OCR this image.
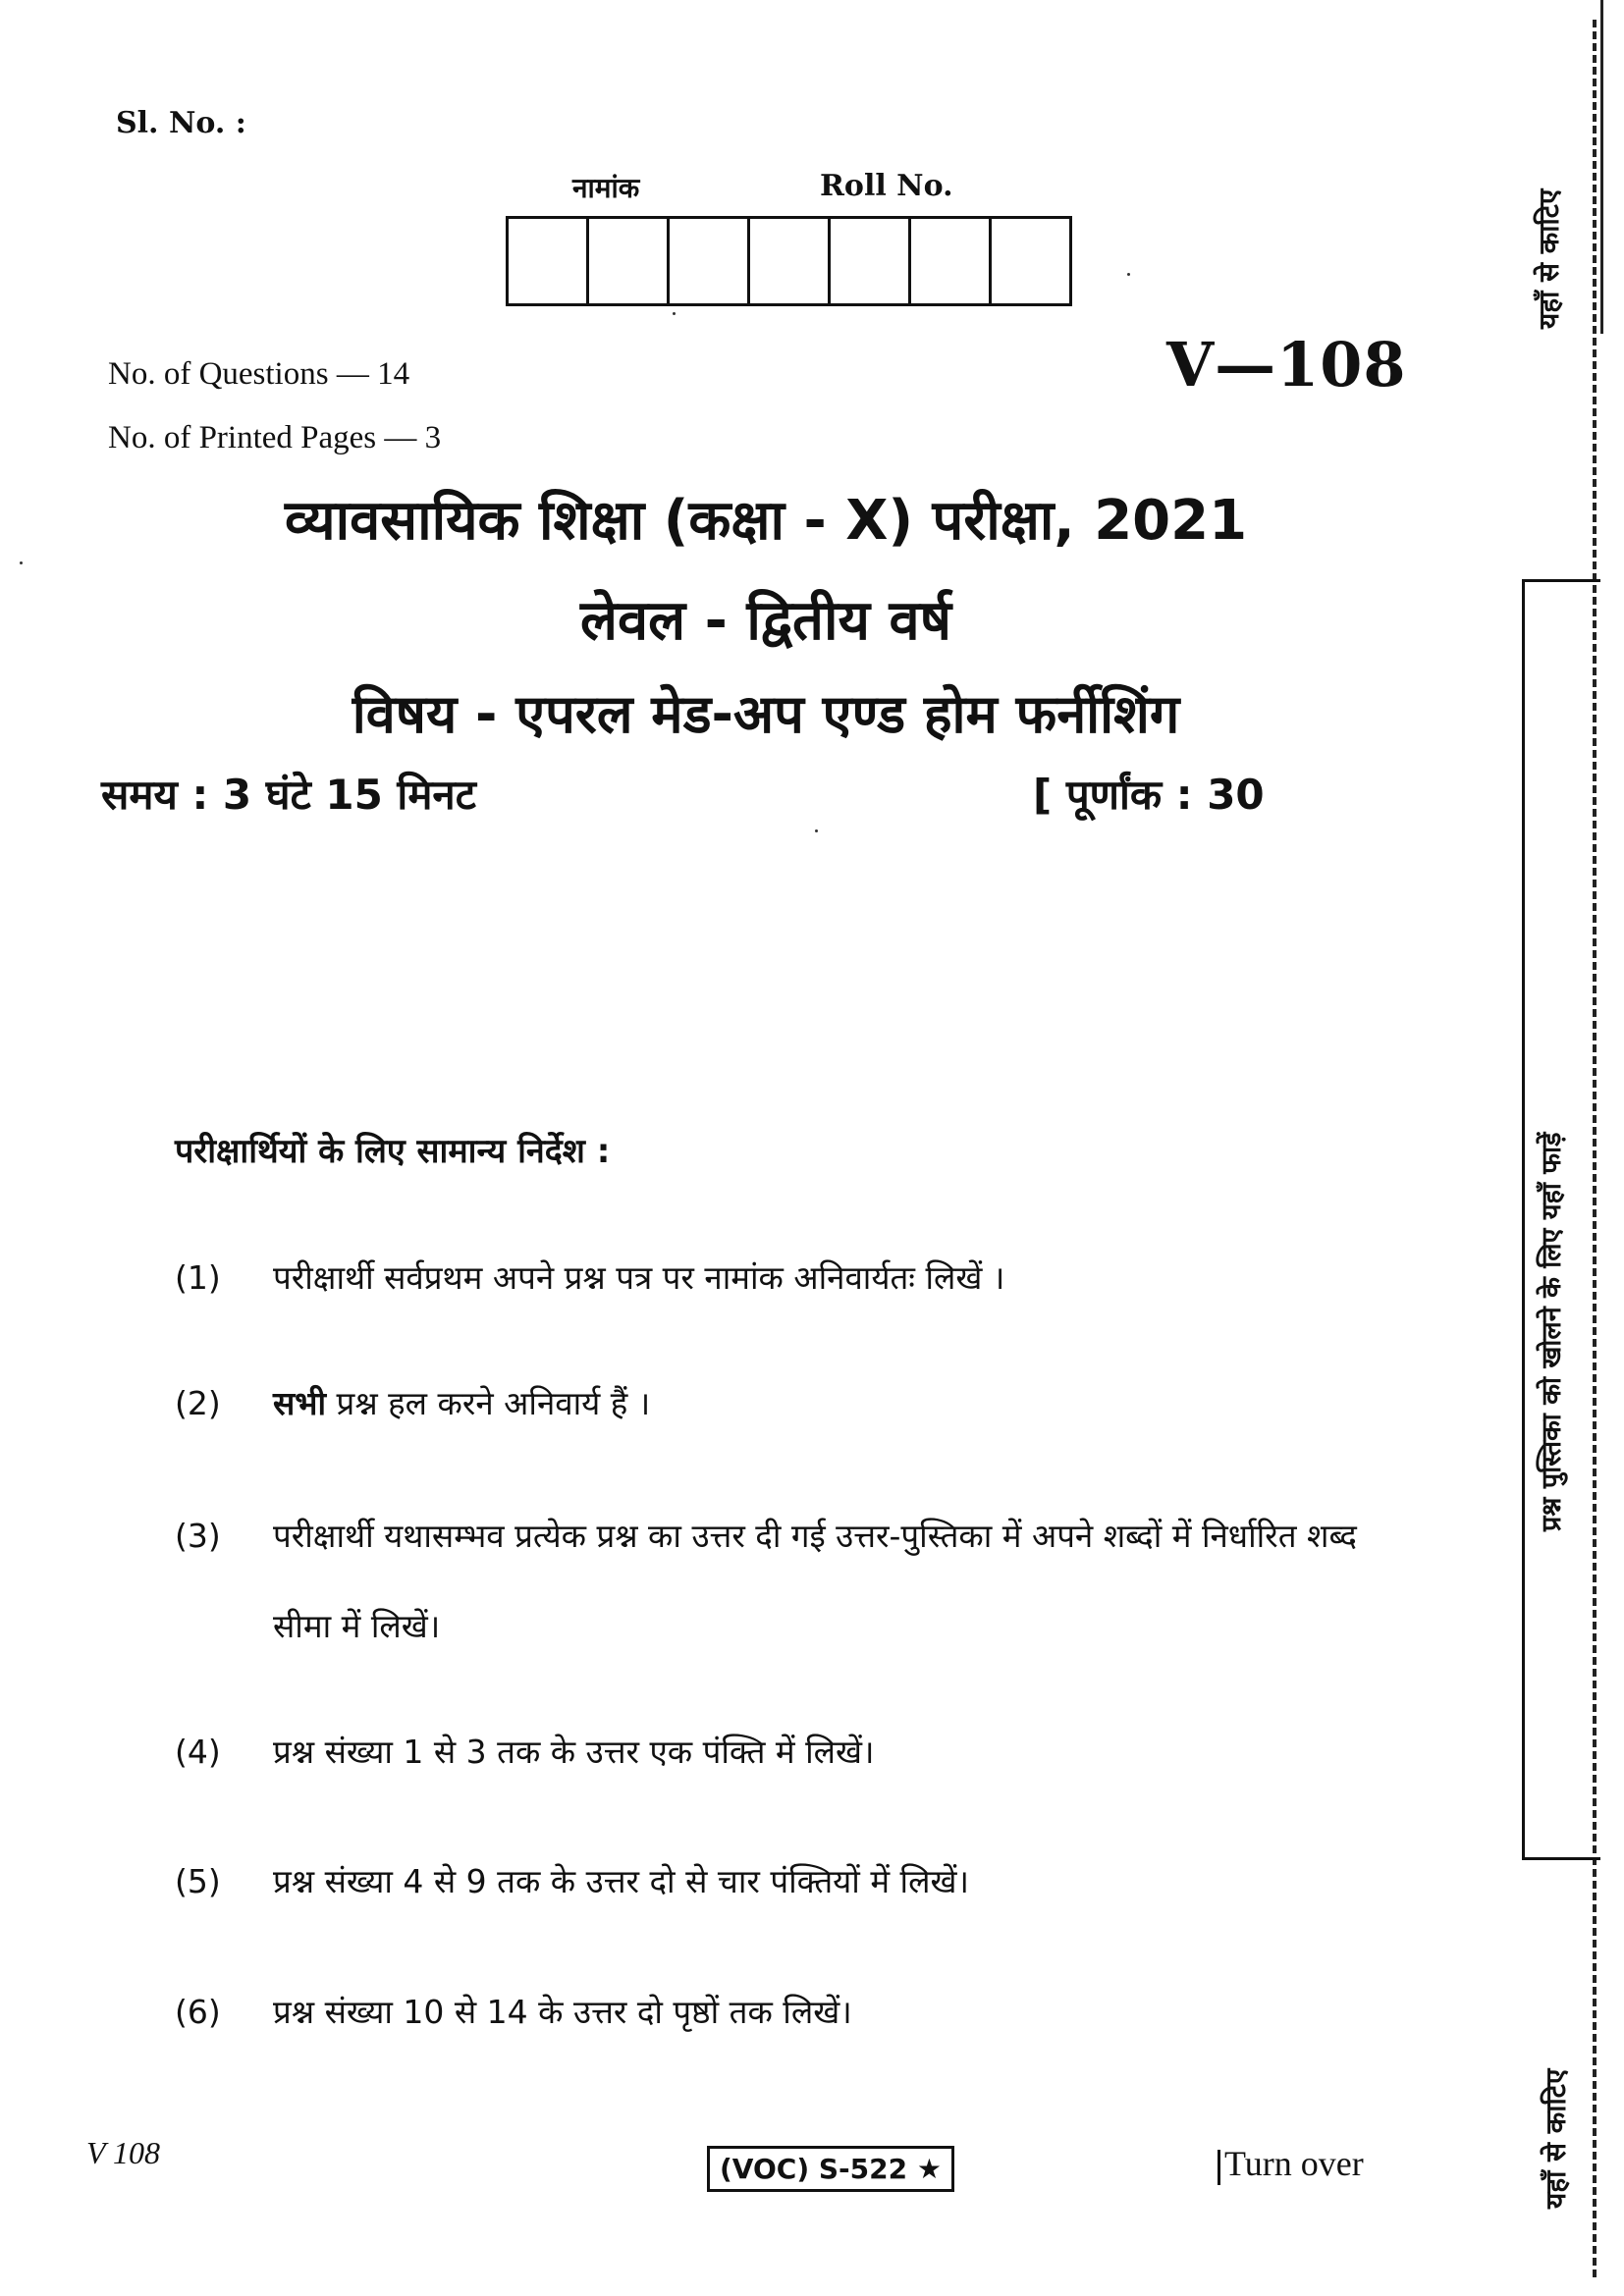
Sl. No. :
नामांक	Roll No.
V—108
No. of Questions — 14
No. of Printed Pages — 3
व्यावसायिक शिक्षा (कक्षा - X) परीक्षा, 2021
लेवल - द्वितीय वर्ष
विषय - एपरल मेड-अप एण्ड होम फर्नीशिंग
समय : 3 घंटे 15 मिनट	[ पूर्णांक : 30
परीक्षार्थियों के लिए सामान्य निर्देश :
(1)	परीक्षार्थी सर्वप्रथम अपने प्रश्न पत्र पर नामांक अनिवार्यतः लिखें ।
(2)	सभी प्रश्न हल करने अनिवार्य हैं ।
(3)	परीक्षार्थी यथासम्भव प्रत्येक प्रश्न का उत्तर दी गई उत्तर-पुस्तिका में अपने शब्दों में निर्धारित शब्द सीमा में लिखें।
(4)	प्रश्न संख्या 1 से 3 तक के उत्तर एक पंक्ति में लिखें।
(5)	प्रश्न संख्या 4 से 9 तक के उत्तर दो से चार पंक्तियों में लिखें।
(6)	प्रश्न संख्या 10 से 14 के उत्तर दो पृष्ठों तक लिखें।
V 108	(VOC) S-522 ★	Turn over
यहाँ से काटिए
प्रश्न पुस्तिका को खोलने के लिए यहाँ फाड़ें
यहाँ से काटिए
